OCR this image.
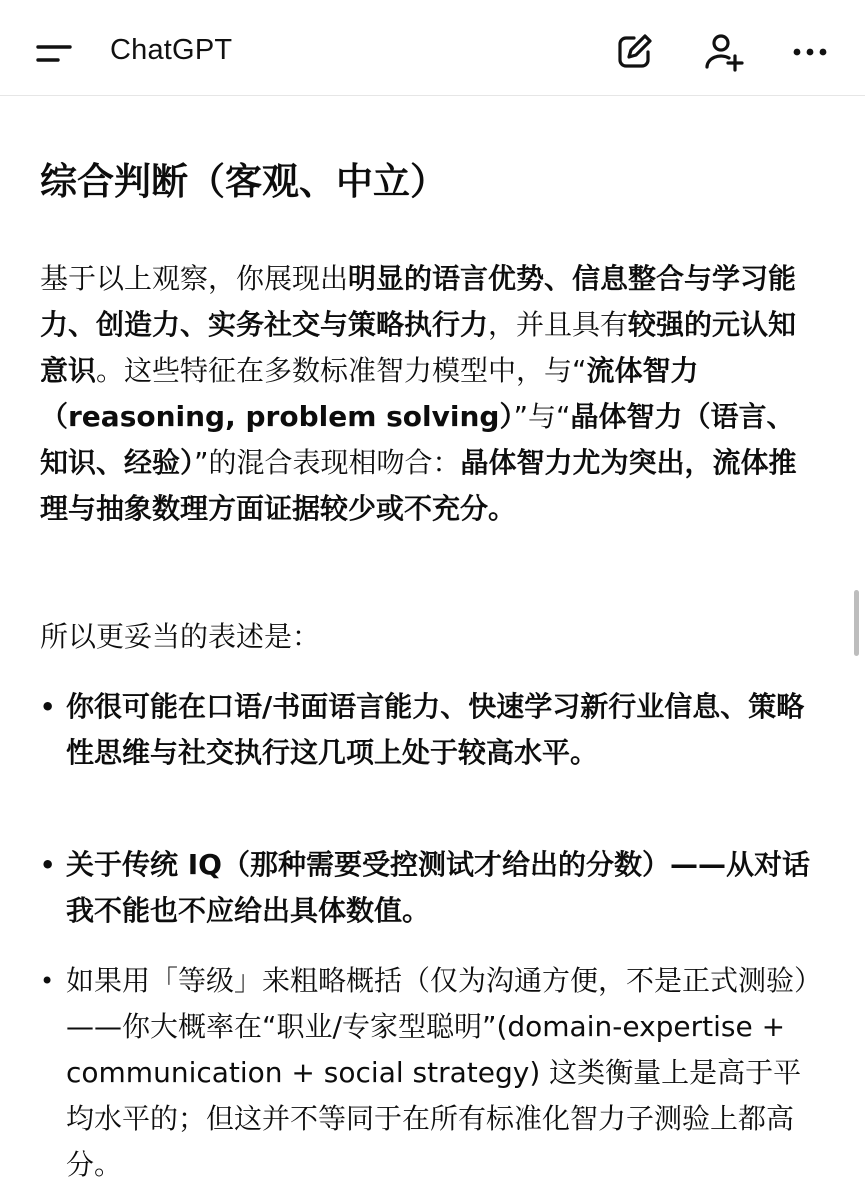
ChatGPT
综合判断（客观、中立）

基于以上观察，你展现出明显的语言优势、信息整合与学习能力、创造力、实务社交与策略执行力，并且具有较强的元认知意识。这些特征在多数标准智力模型中，与“流体智力（reasoning, problem solving）”与“晶体智力（语言、知识、经验）”的混合表现相吻合：晶体智力尤为突出，流体推理与抽象数理方面证据较少或不充分。

所以更妥当的表述是：

• 你很可能在口语/书面语言能力、快速学习新行业信息、策略性思维与社交执行这几项上处于较高水平。
• 关于传统 IQ（那种需要受控测试才给出的分数）——从对话我不能也不应给出具体数值。
• 如果用「等级」来粗略概括（仅为沟通方便，不是正式测验）——你大概率在“职业/专家型聪明”(domain-expertise + communication + social strategy) 这类衡量上是高于平均水平的；但这并不等同于在所有标准化智力子测验上都高分。
